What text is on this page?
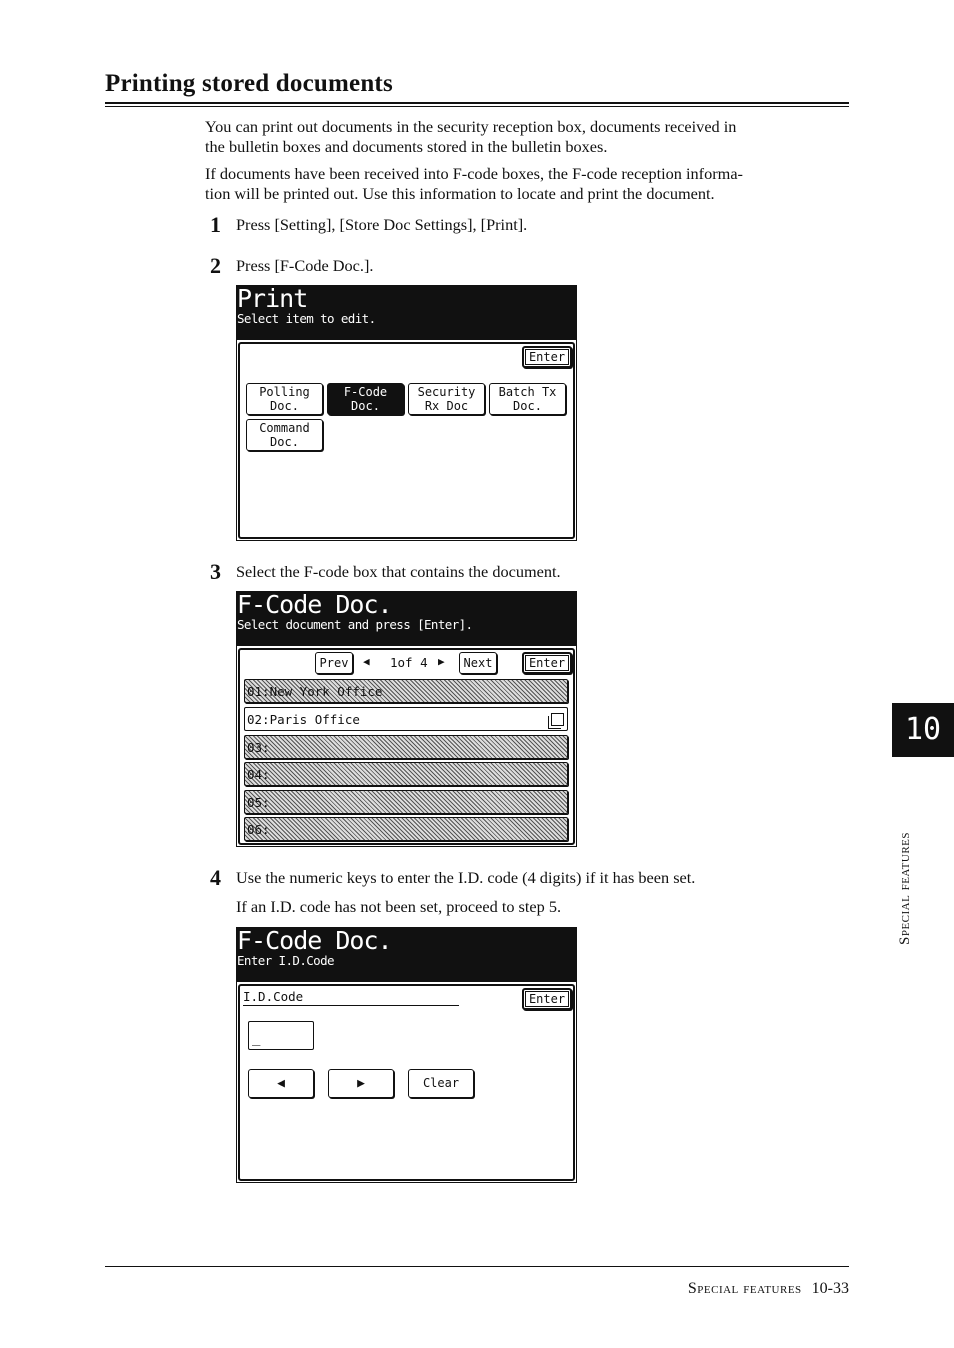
Printing stored documents
You can print out documents in the security reception box, documents received in
the bulletin boxes and documents stored in the bulletin boxes.
If documents have been received into F-code boxes, the F-code reception informa-
tion will be printed out. Use this information to locate and print the document.
1 Press [Setting], [Store Doc Settings], [Print].
2 Press [F-Code Doc.].
Print
Select item to edit.
Enter
Polling
Doc.
F-Code
Doc.
Security
Rx Doc
Batch Tx
Doc.
Command
Doc.
3 Select the F-code box that contains the document.
F-Code Doc.
Select document and press [Enter].
Prev	◀ 1of 4 ▶	Next	Enter
01:New York Office
02:Paris Office
03:
04:
05:
06:
4 Use the numeric keys to enter the I.D. code (4 digits) if it has been set.
If an I.D. code has not been set, proceed to step 5.
F-Code Doc.
Enter I.D.Code
I.D.Code	Enter
_
◀	▶	Clear
10
Special features
Special features 10-33
